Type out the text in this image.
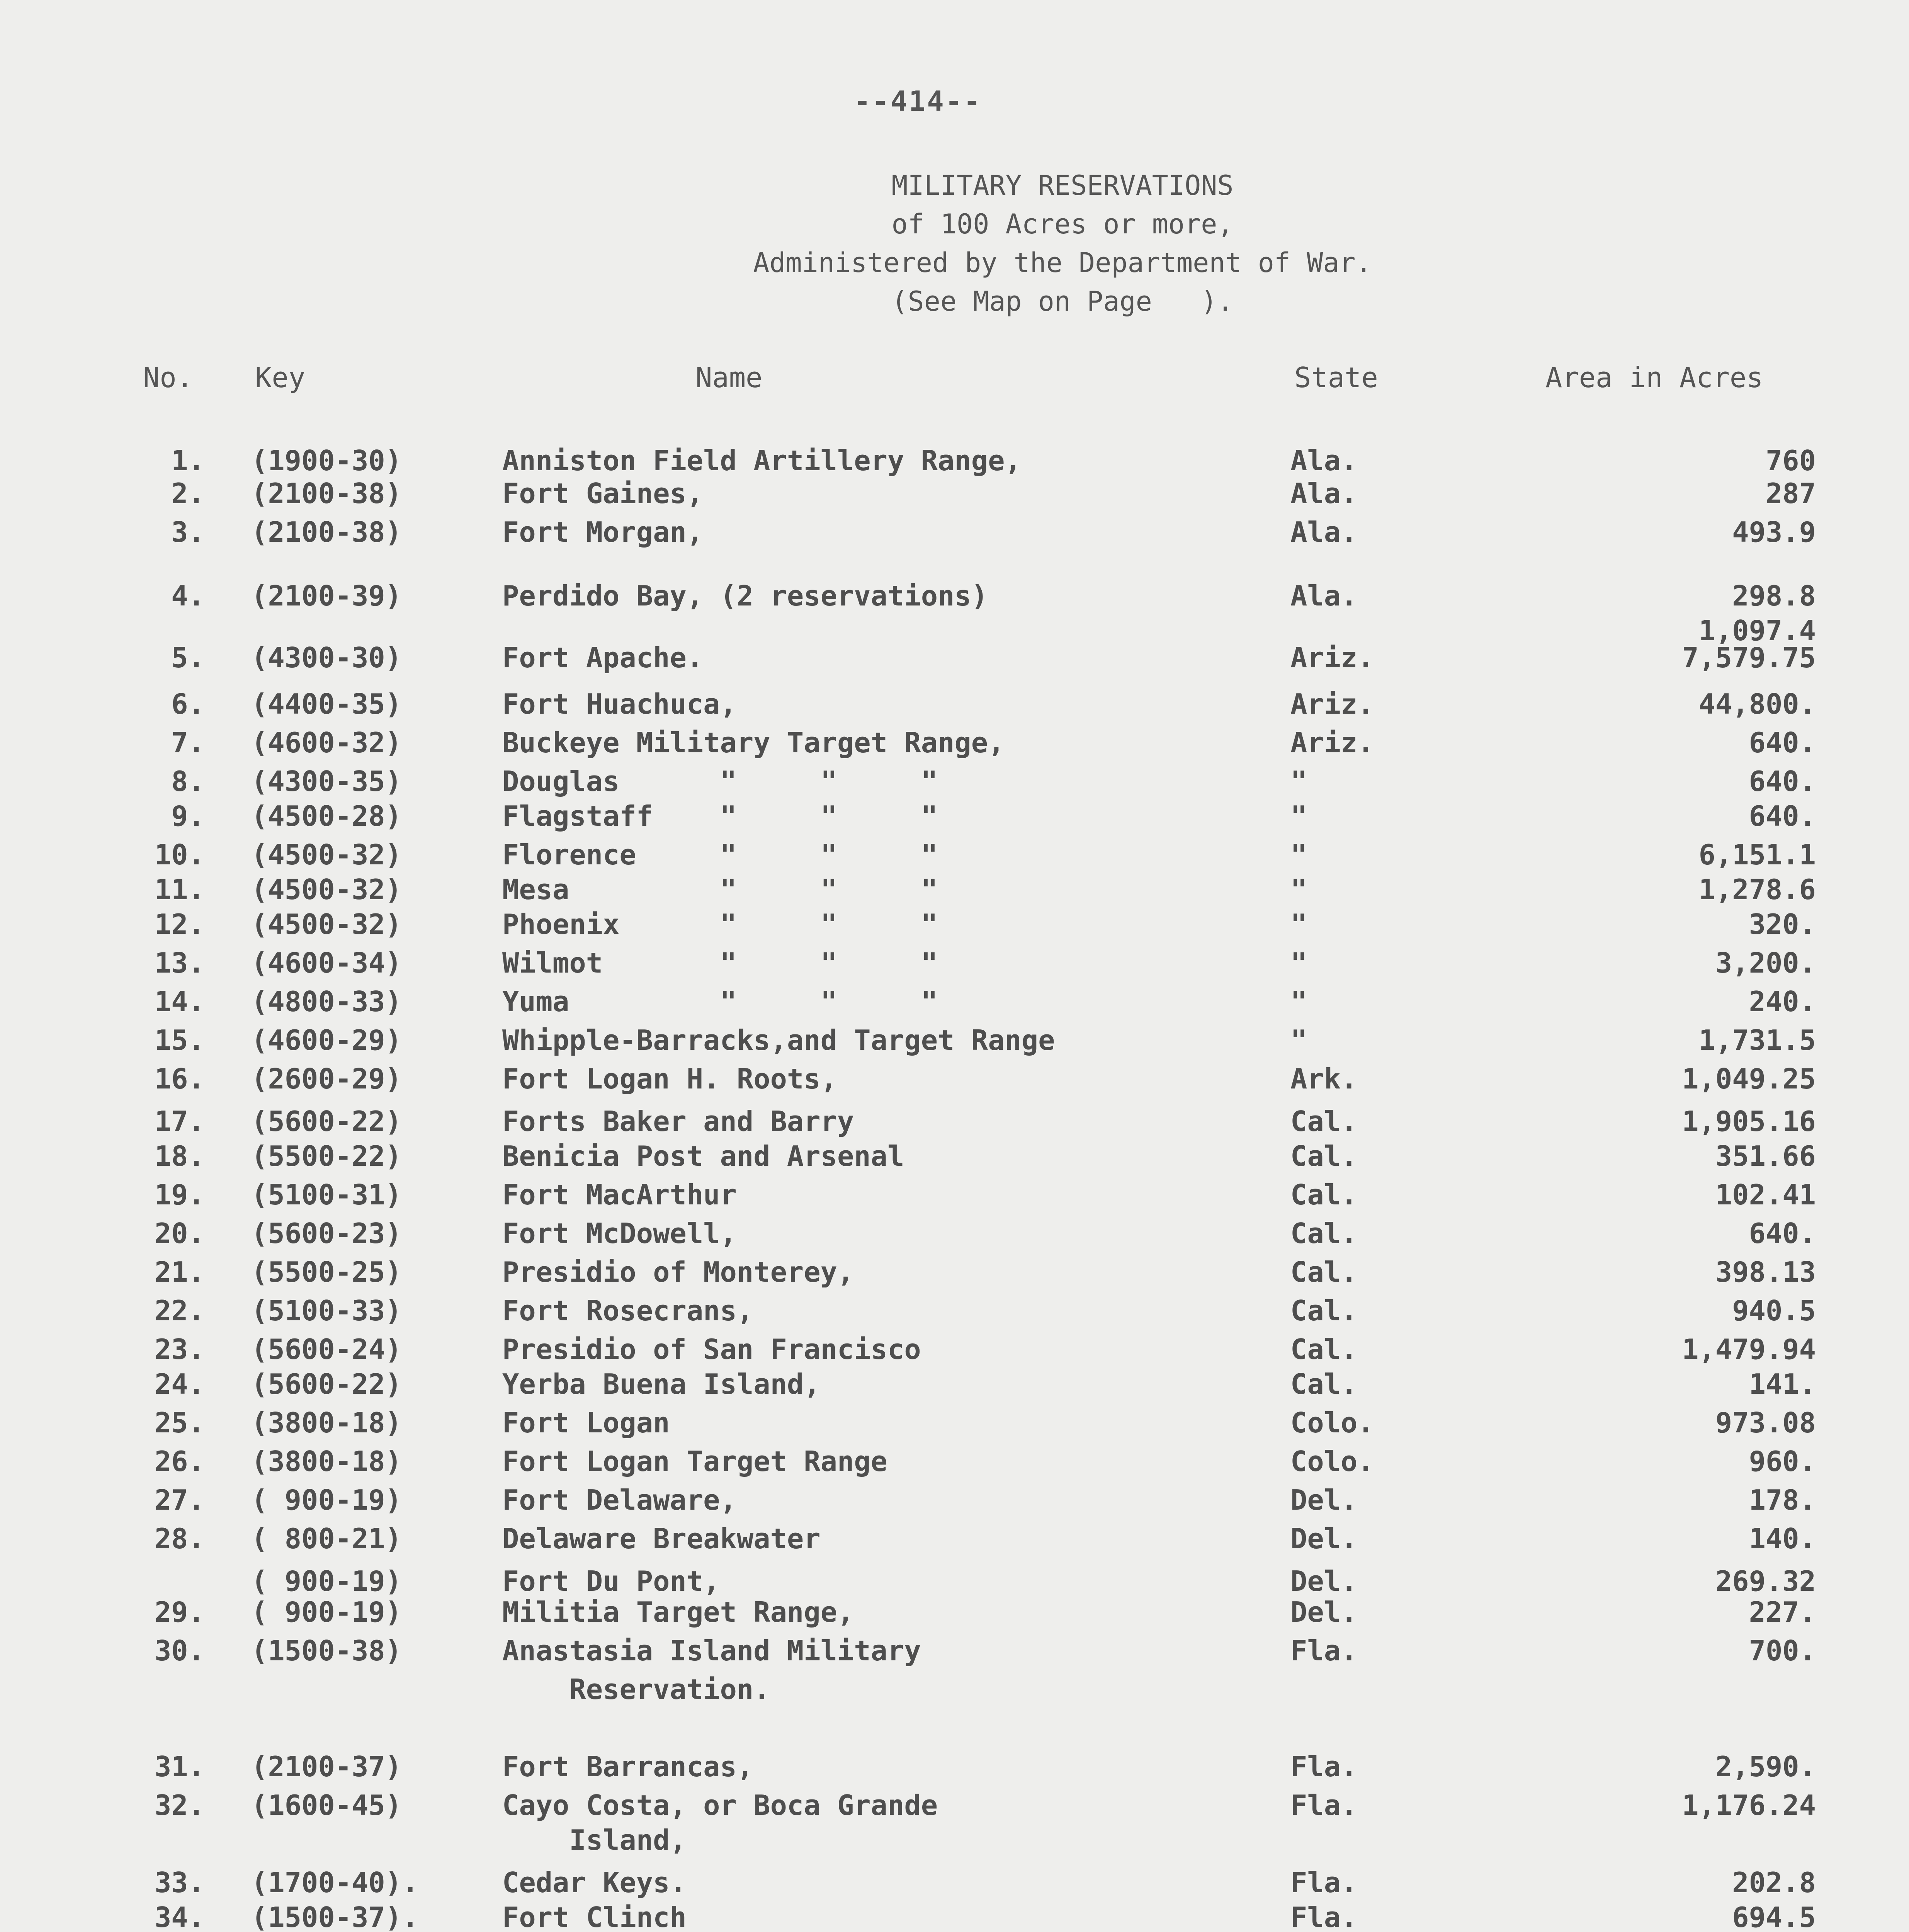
--414--
MILITARY RESERVATIONS
of 100 Acres or more,
Administered by the Department of War.
(See Map on Page   ).
No. Key	Name	State	Area in Acres
1. (1900-30)	Anniston Field Artillery Range,	Ala.	760
2. (2100-38)	Fort Gaines,	Ala.	287
3. (2100-38)	Fort Morgan,	Ala.	493.9
4. (2100-39)	Perdido Bay, (2 reservations)	Ala.	298.8
1,097.4
5. (4300-30)	Fort Apache.	Ariz.	7,579.75
6. (4400-35)	Fort Huachuca,	Ariz.	44,800.
7. (4600-32)	Buckeye Military Target Range,	Ariz.	640.
8. (4300-35)	Douglas      "     "     "	"	640.
9. (4500-28)	Flagstaff    "     "     "	"	640.
10. (4500-32)	Florence     "     "     "	"	6,151.1
11. (4500-32)	Mesa         "     "     "	"	1,278.6
12. (4500-32)	Phoenix      "     "     "	"	320.
13. (4600-34)	Wilmot       "     "     "	"	3,200.
14. (4800-33)	Yuma         "     "     "	"	240.
15. (4600-29)	Whipple-Barracks,and Target Range	"	1,731.5
16. (2600-29)	Fort Logan H. Roots,	Ark.	1,049.25
17. (5600-22)	Forts Baker and Barry	Cal.	1,905.16
18. (5500-22)	Benicia Post and Arsenal	Cal.	351.66
19. (5100-31)	Fort MacArthur	Cal.	102.41
20. (5600-23)	Fort McDowell,	Cal.	640.
21. (5500-25)	Presidio of Monterey,	Cal.	398.13
22. (5100-33)	Fort Rosecrans,	Cal.	940.5
23. (5600-24)	Presidio of San Francisco	Cal.	1,479.94
24. (5600-22)	Yerba Buena Island,	Cal.	141.
25. (3800-18)	Fort Logan	Colo.	973.08
26. (3800-18)	Fort Logan Target Range	Colo.	960.
27. ( 900-19)	Fort Delaware,	Del.	178.
28. ( 800-21)	Delaware Breakwater	Del.	140.
( 900-19)	Fort Du Pont,	Del.	269.32
29. ( 900-19)	Militia Target Range,	Del.	227.
30. (1500-38)	Anastasia Island Military	Fla.	700.
Reservation.
31. (2100-37)	Fort Barrancas,	Fla.	2,590.
32. (1600-45)	Cayo Costa, or Boca Grande	Fla.	1,176.24
Island,
33. (1700-40).	Cedar Keys.	Fla.	202.8
34. (1500-37).	Fort Clinch	Fla.	694.5
